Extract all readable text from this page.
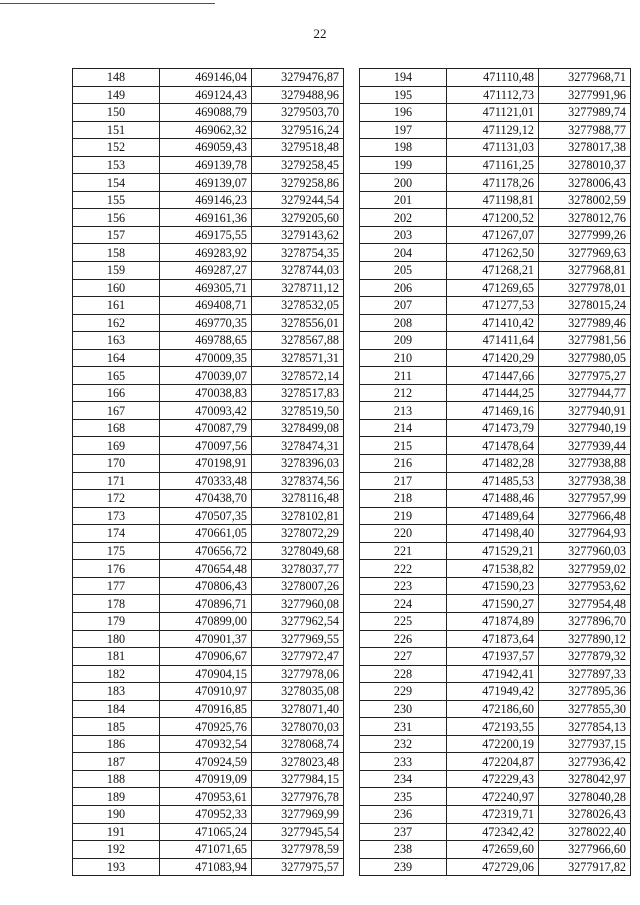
22
148	469146,04	3279476,87
149	469124,43	3279488,96
150	469088,79	3279503,70
151	469062,32	3279516,24
152	469059,43	3279518,48
153	469139,78	3279258,45
154	469139,07	3279258,86
155	469146,23	3279244,54
156	469161,36	3279205,60
157	469175,55	3279143,62
158	469283,92	3278754,35
159	469287,27	3278744,03
160	469305,71	3278711,12
161	469408,71	3278532,05
162	469770,35	3278556,01
163	469788,65	3278567,88
164	470009,35	3278571,31
165	470039,07	3278572,14
166	470038,83	3278517,83
167	470093,42	3278519,50
168	470087,79	3278499,08
169	470097,56	3278474,31
170	470198,91	3278396,03
171	470333,48	3278374,56
172	470438,70	3278116,48
173	470507,35	3278102,81
174	470661,05	3278072,29
175	470656,72	3278049,68
176	470654,48	3278037,77
177	470806,43	3278007,26
178	470896,71	3277960,08
179	470899,00	3277962,54
180	470901,37	3277969,55
181	470906,67	3277972,47
182	470904,15	3277978,06
183	470910,97	3278035,08
184	470916,85	3278071,40
185	470925,76	3278070,03
186	470932,54	3278068,74
187	470924,59	3278023,48
188	470919,09	3277984,15
189	470953,61	3277976,78
190	470952,33	3277969,99
191	471065,24	3277945,54
192	471071,65	3277978,59
193	471083,94	3277975,57
194	471110,48	3277968,71
195	471112,73	3277991,96
196	471121,01	3277989,74
197	471129,12	3277988,77
198	471131,03	3278017,38
199	471161,25	3278010,37
200	471178,26	3278006,43
201	471198,81	3278002,59
202	471200,52	3278012,76
203	471267,07	3277999,26
204	471262,50	3277969,63
205	471268,21	3277968,81
206	471269,65	3277978,01
207	471277,53	3278015,24
208	471410,42	3277989,46
209	471411,64	3277981,56
210	471420,29	3277980,05
211	471447,66	3277975,27
212	471444,25	3277944,77
213	471469,16	3277940,91
214	471473,79	3277940,19
215	471478,64	3277939,44
216	471482,28	3277938,88
217	471485,53	3277938,38
218	471488,46	3277957,99
219	471489,64	3277966,48
220	471498,40	3277964,93
221	471529,21	3277960,03
222	471538,82	3277959,02
223	471590,23	3277953,62
224	471590,27	3277954,48
225	471874,89	3277896,70
226	471873,64	3277890,12
227	471937,57	3277879,32
228	471942,41	3277897,33
229	471949,42	3277895,36
230	472186,60	3277855,30
231	472193,55	3277854,13
232	472200,19	3277937,15
233	472204,87	3277936,42
234	472229,43	3278042,97
235	472240,97	3278040,28
236	472319,71	3278026,43
237	472342,42	3278022,40
238	472659,60	3277966,60
239	472729,06	3277917,82
